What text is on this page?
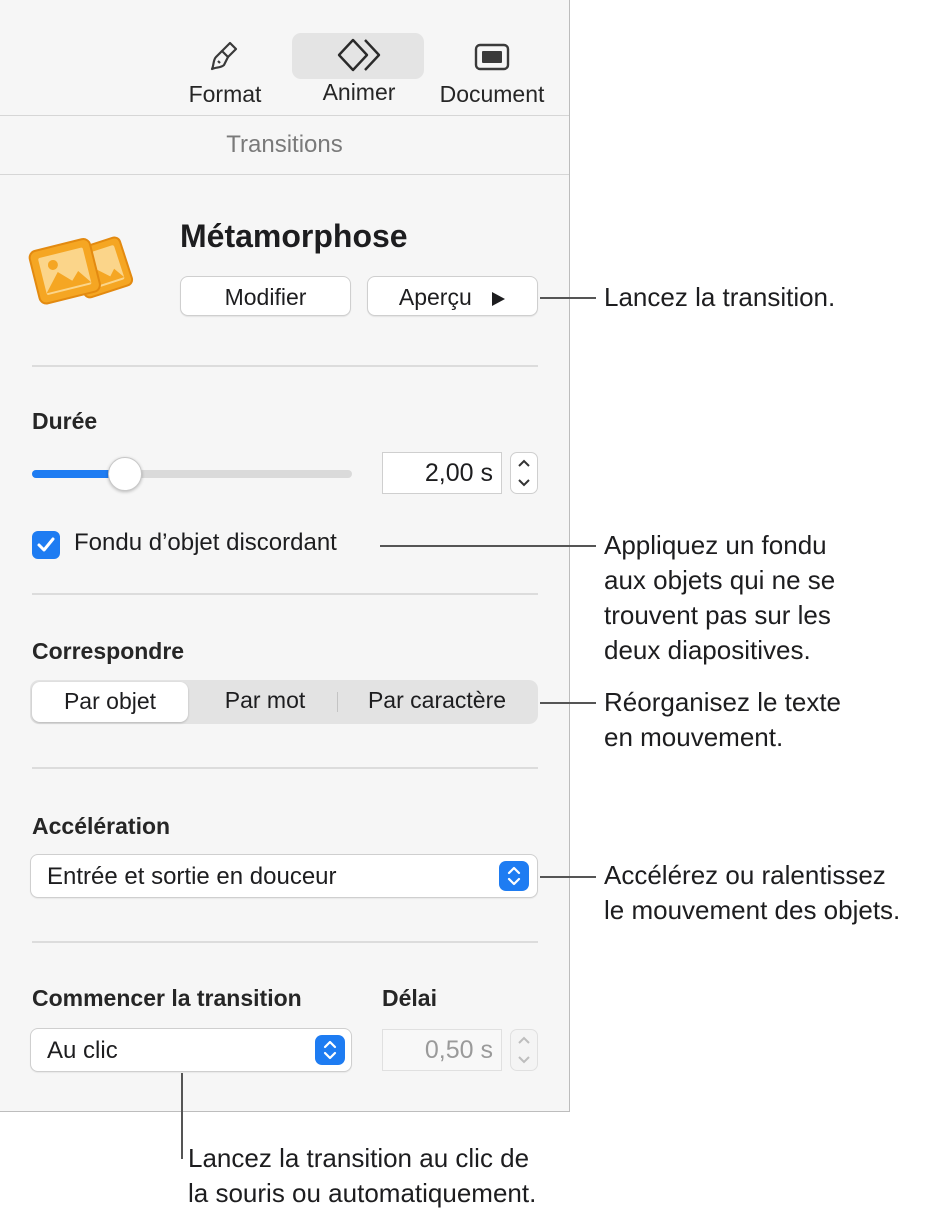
Format	Animer	Document
Transitions
Métamorphose
Modifier	Aperçu
Durée
2,00 s
Fondu d’objet discordant
Correspondre
Par objet	Par mot	Par caractère
Accélération
Entrée et sortie en douceur
Commencer la transition	Délai
Au clic	0,50 s
Lancez la transition.
Appliquez un fondu
aux objets qui ne se
trouvent pas sur les
deux diapositives.
Réorganisez le texte
en mouvement.
Accélérez ou ralentissez
le mouvement des objets.
Lancez la transition au clic de
la souris ou automatiquement.
